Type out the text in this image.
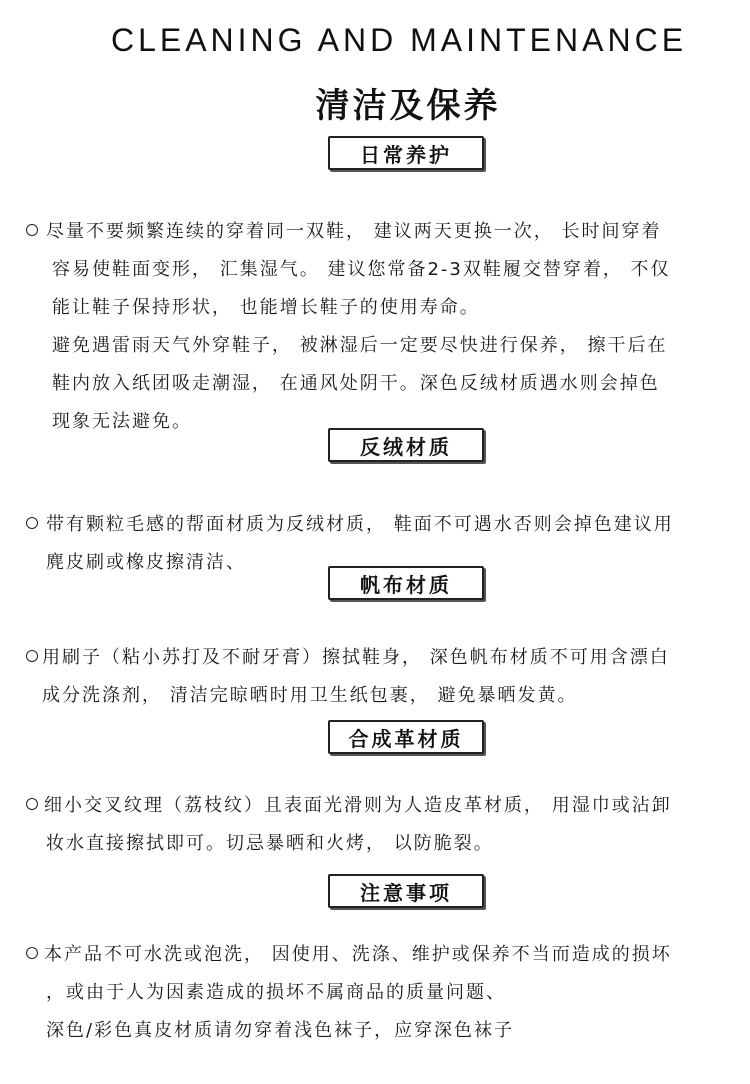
CLEANING AND MAINTENANCE
清洁及保养
日常养护
尽量不要频繁连续的穿着同一双鞋， 建议两天更换一次， 长时间穿着
容易使鞋面变形， 汇集湿气。 建议您常备2-3双鞋履交替穿着， 不仅
能让鞋子保持形状， 也能增长鞋子的使用寿命。
避免遇雷雨天气外穿鞋子， 被淋湿后一定要尽快进行保养， 擦干后在
鞋内放入纸团吸走潮湿， 在通风处阴干。深色反绒材质遇水则会掉色
现象无法避免。
反绒材质
带有颗粒毛感的帮面材质为反绒材质， 鞋面不可遇水否则会掉色建议用
麂皮刷或橡皮擦清洁、
帆布材质
用刷子（粘小苏打及不耐牙膏）擦拭鞋身， 深色帆布材质不可用含漂白
成分洗涤剂， 清洁完晾晒时用卫生纸包裹， 避免暴晒发黄。
合成革材质
细小交叉纹理（荔枝纹）且表面光滑则为人造皮革材质， 用湿巾或沾卸
妆水直接擦拭即可。切忌暴晒和火烤， 以防脆裂。
注意事项
本产品不可水洗或泡洗， 因使用、洗涤、维护或保养不当而造成的损坏
，或由于人为因素造成的损坏不属商品的质量问题、
深色/彩色真皮材质请勿穿着浅色袜子，应穿深色袜子
